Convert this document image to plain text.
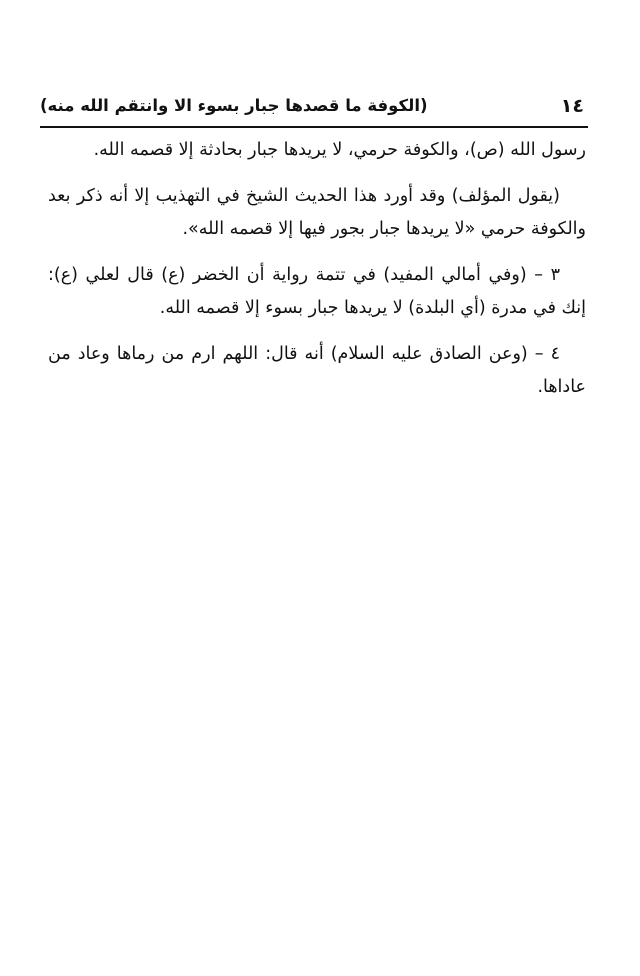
١٤
(الكوفة ما قصدها جبار بسوء الا وانتقم الله منه)

رسول الله (ص)، والكوفة حرمي، لا يريدها جبار بحادثة إلا قصمه الله.

(يقول المؤلف) وقد أورد هذا الحديث الشيخ في التهذيب إلا أنه ذكر بعد والكوفة حرمي «لا يريدها جبار بجور فيها إلا قصمه الله».

٣ – (وفي أمالي المفيد) في تتمة رواية أن الخضر (ع) قال لعلي (ع): إنك في مدرة (أي البلدة) لا يريدها جبار بسوء إلا قصمه الله.

٤ – (وعن الصادق عليه السلام) أنه قال: اللهم ارم من رماها وعاد من عاداها.
